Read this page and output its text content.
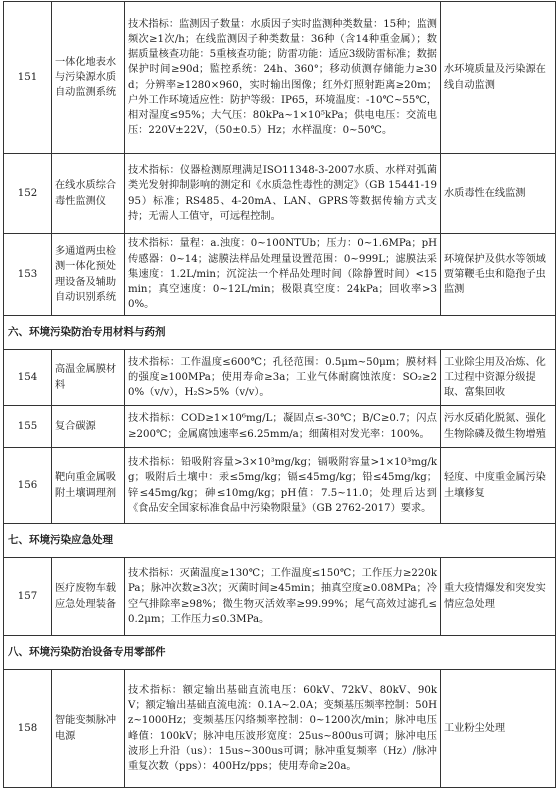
151	一体化地表水与污染源水质自动监测系统	技术指标：监测因子数量：水质因子实时监测种类数量：15种；监测频次≥1次/h；在线监测因子种类数量：36种（含14种重金属）；数据质量核查功能：5重核查功能；防雷功能：适应3级防雷标准；数据保护时间≥90d；監控系统：24h、360°；移动侦测存储能力≥30d；分辨率≥1280×960，实时输出图像；红外灯照射距离≥20m；户外工作环境适应性：防护等级：IP65，环境温度：-10℃~55℃，相对湿度≤95%；大气压：80kPa~1×10⁵kPa；供电电压：交流电压：220V±22V，（50±0.5）Hz；水样温度：0~50℃。	水环境质量及污染源在线自动监测
152	在线水质综合毒性监测仪	技术指标：仪器检测原理满足ISO11348-3-2007水质、水样对弧菌类光发射抑制影响的测定和《水质急性毒性的测定》（GB 15441-1995）标准；RS485、4-20mA、LAN、GPRS等数据传输方式支持；无需人工值守，可远程控制。	水质毒性在线监测
153	多通道两虫检测一体化预处理设备及辅助自动识别系统	技术指标：量程：a.浊度：0~100NTUb；压力：0~1.6MPa；pH传感器：0~14；滤膜法样品处理量设置范围：0~999L；滤膜法采集速度：1.2L/min；沉淀法一个样品处理时间（除静置时间）<15min；真空速度：0~12L/min；极限真空度：24kPa；回收率>30%。	环境保护及供水等领域贾第鞭毛虫和隐孢子虫监测
六、环境污染防治专用材料与药剂			
154	高温金属膜材料	技术指标：工作温度≤600℃；孔径范围：0.5μm~50μm；膜材料的强度≥100MPa；使用寿命≥3a；工业气体耐腐蚀浓度：SO₂≥20%（v/v），H₂S>5%（v/v）。	工业除尘用及冶炼、化工过程中资源分级提取、富集回收
155	复合碳源	技术指标：COD≥1×10⁶mg/L；凝固点≤-30℃；B/C≥0.7；闪点≥200℃；金属腐蚀速率≤6.25mm/a；细菌相对发光率：100%。	污水反硝化脱氮、强化生物除磷及微生物增殖
156	靶向重金属吸附土壤调理剂	技术指标：铅吸附容量>3×10³mg/kg；镉吸附容量>1×10³mg/kg；吸附后土壤中：汞≤5mg/kg；镉≤45mg/kg；铅≤45mg/kg；锌≤45mg/kg；砷≤10mg/kg；pH值：7.5~11.0；处理后达到《食品安全国家标准食品中污染物限量》（GB 2762-2017）要求。	轻度、中度重金属污染土壤修复
七、环境污染应急处理			
157	医疗废物车载应急处理装备	技术指标：灭菌温度≥130℃；工作温度≤150℃；工作压力≥220kPa；脉冲次数≥3次；灭菌时间≥45min；抽真空度≥0.08MPa；冷空气排除率≥98%；微生物灭活效率≥99.99%；尾气高效过滤孔≤0.2μm；工作压力≤0.3MPa。	重大疫情爆发和突发实情应急处理
八、环境污染防治设备专用零部件			
158	智能变频脉冲电源	技术指标：额定输出基础直流电压：60kV、72kV、80kV、90kV；额定输出基础直流电流：0.1A~2.0A；变频基压频率控制：50Hz~1000Hz；变频基压闪络频率控制：0~1200次/min；脉冲电压峰值：100kV；脉冲电压波形宽度：25us~800us可调；脉冲电压波形上升沿（us）：15us~300us可调；脉冲重复频率（Hz）/脉冲重复次数（pps）：400Hz/pps；使用寿命≥20a。	工业粉尘处理
